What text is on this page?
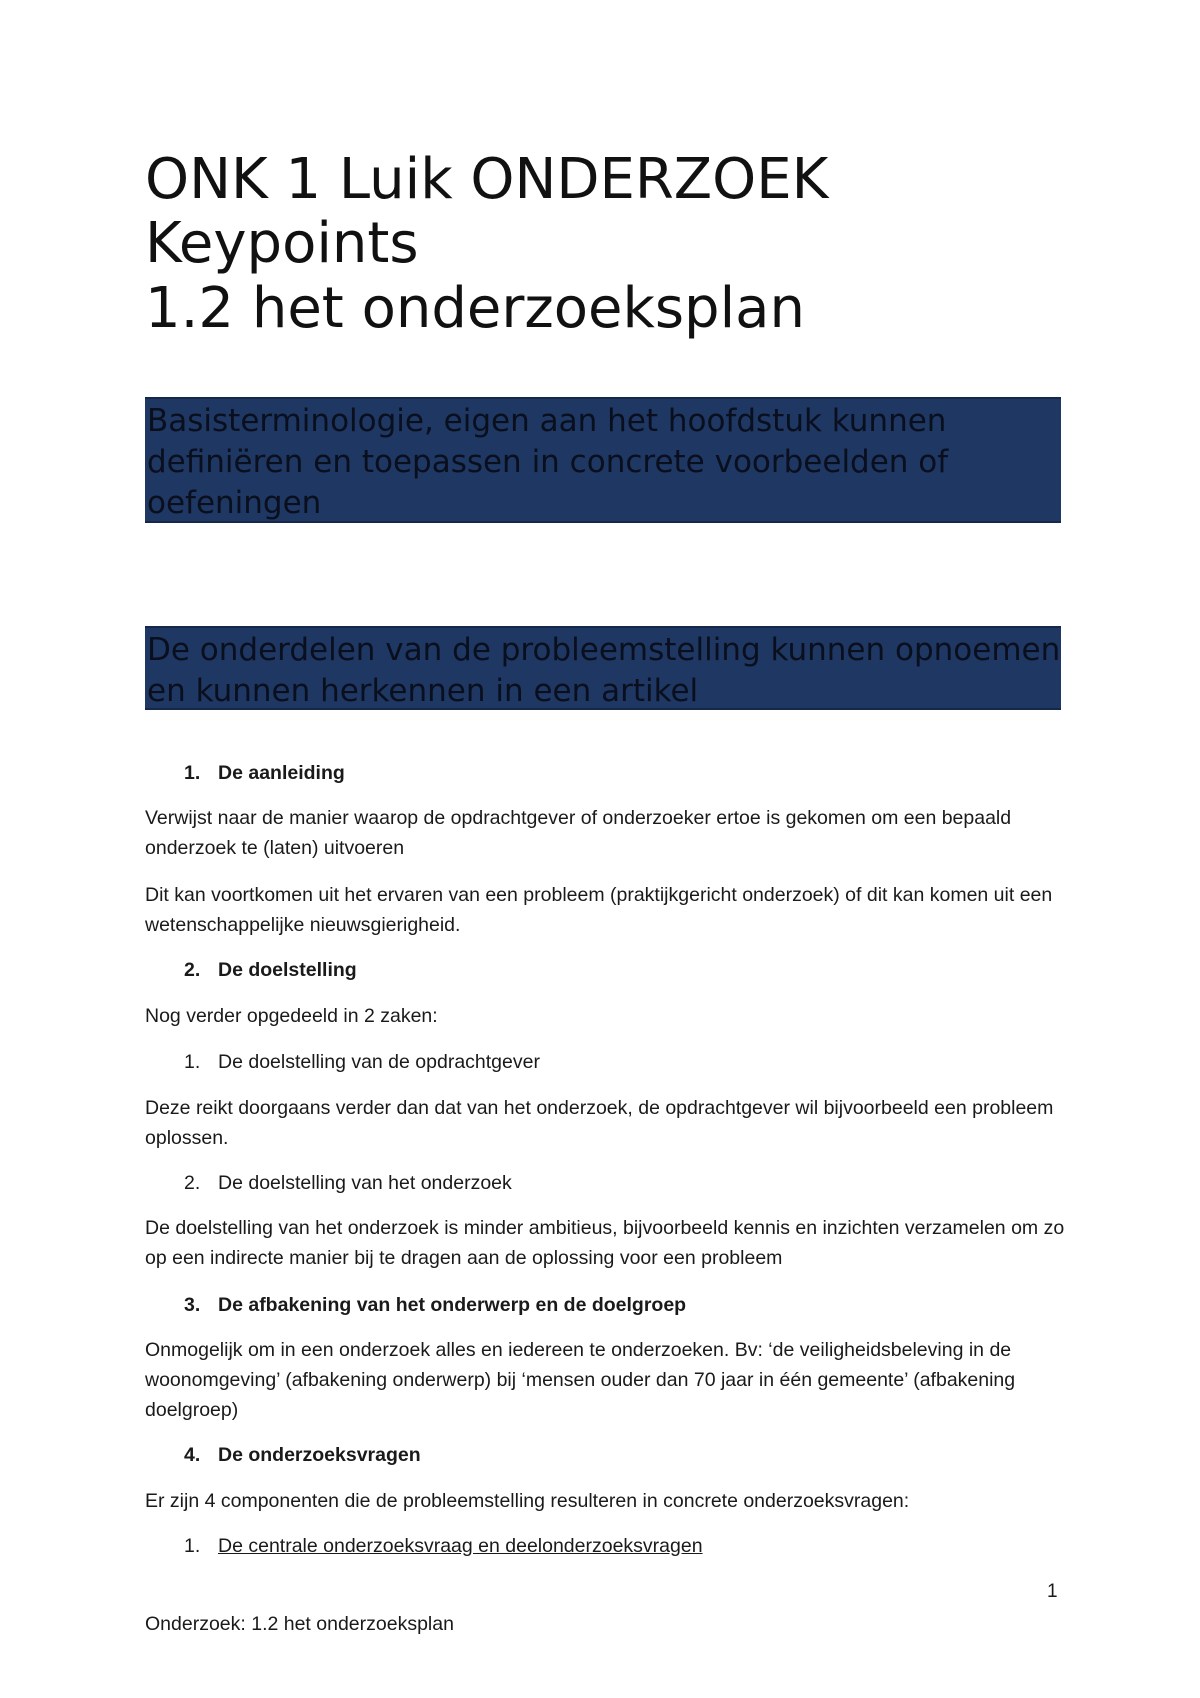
ONK 1 Luik ONDERZOEK
Keypoints
1.2 het onderzoeksplan
Basisterminologie, eigen aan het hoofdstuk kunnen definiëren en toepassen in concrete voorbeelden of oefeningen
De onderdelen van de probleemstelling kunnen opnoemen en kunnen herkennen in een artikel

1. De aanleiding

Verwijst naar de manier waarop de opdrachtgever of onderzoeker ertoe is gekomen om een bepaald onderzoek te (laten) uitvoeren

Dit kan voortkomen uit het ervaren van een probleem (praktijkgericht onderzoek) of dit kan komen uit een wetenschappelijke nieuwsgierigheid.

2. De doelstelling

Nog verder opgedeeld in 2 zaken:

1. De doelstelling van de opdrachtgever

Deze reikt doorgaans verder dan dat van het onderzoek, de opdrachtgever wil bijvoorbeeld een probleem oplossen.

2. De doelstelling van het onderzoek

De doelstelling van het onderzoek is minder ambitieus, bijvoorbeeld kennis en inzichten verzamelen om zo op een indirecte manier bij te dragen aan de oplossing voor een probleem

3. De afbakening van het onderwerp en de doelgroep

Onmogelijk om in een onderzoek alles en iedereen te onderzoeken. Bv: ‘de veiligheidsbeleving in de woonomgeving’ (afbakening onderwerp) bij ‘mensen ouder dan 70 jaar in één gemeente’ (afbakening doelgroep)

4. De onderzoeksvragen

Er zijn 4 componenten die de probleemstelling resulteren in concrete onderzoeksvragen:

1. De centrale onderzoeksvraag en deelonderzoeksvragen

1
Onderzoek: 1.2 het onderzoeksplan
